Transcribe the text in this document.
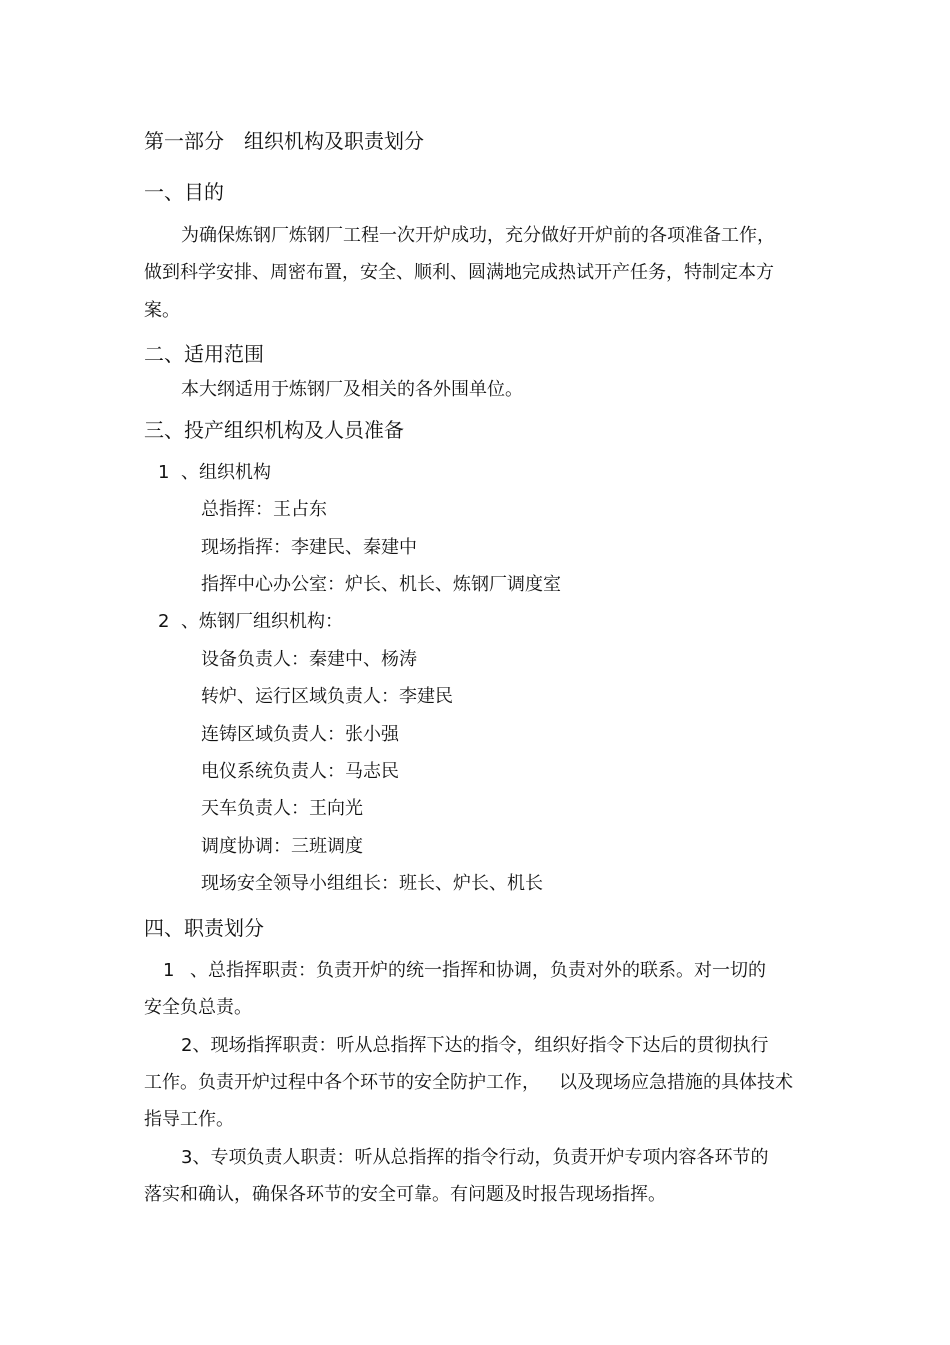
第一部分　组织机构及职责划分
一、目的
为确保炼钢厂炼钢厂工程一次开炉成功，充分做好开炉前的各项准备工作，
做到科学安排、周密布置，安全、顺利、圆满地完成热试开产任务，特制定本方
案。
二、适用范围
本大纲适用于炼钢厂及相关的各外围单位。
三、投产组织机构及人员准备
1 、组织机构
总指挥：王占东
现场指挥：李建民、秦建中
指挥中心办公室：炉长、机长、炼钢厂调度室
2 、炼钢厂组织机构：
设备负责人：秦建中、杨涛
转炉、运行区域负责人：李建民
连铸区域负责人：张小强
电仪系统负责人：马志民
天车负责人：王向光
调度协调：三班调度
现场安全领导小组组长：班长、炉长、机长
四、职责划分
1 、总指挥职责：负责开炉的统一指挥和协调，负责对外的联系。对一切的
安全负总责。
2、现场指挥职责：听从总指挥下达的指令，组织好指令下达后的贯彻执行
工作。负责开炉过程中各个环节的安全防护工作， 以及现场应急措施的具体技术
指导工作。
3、专项负责人职责：听从总指挥的指令行动，负责开炉专项内容各环节的
落实和确认，确保各环节的安全可靠。有问题及时报告现场指挥。
